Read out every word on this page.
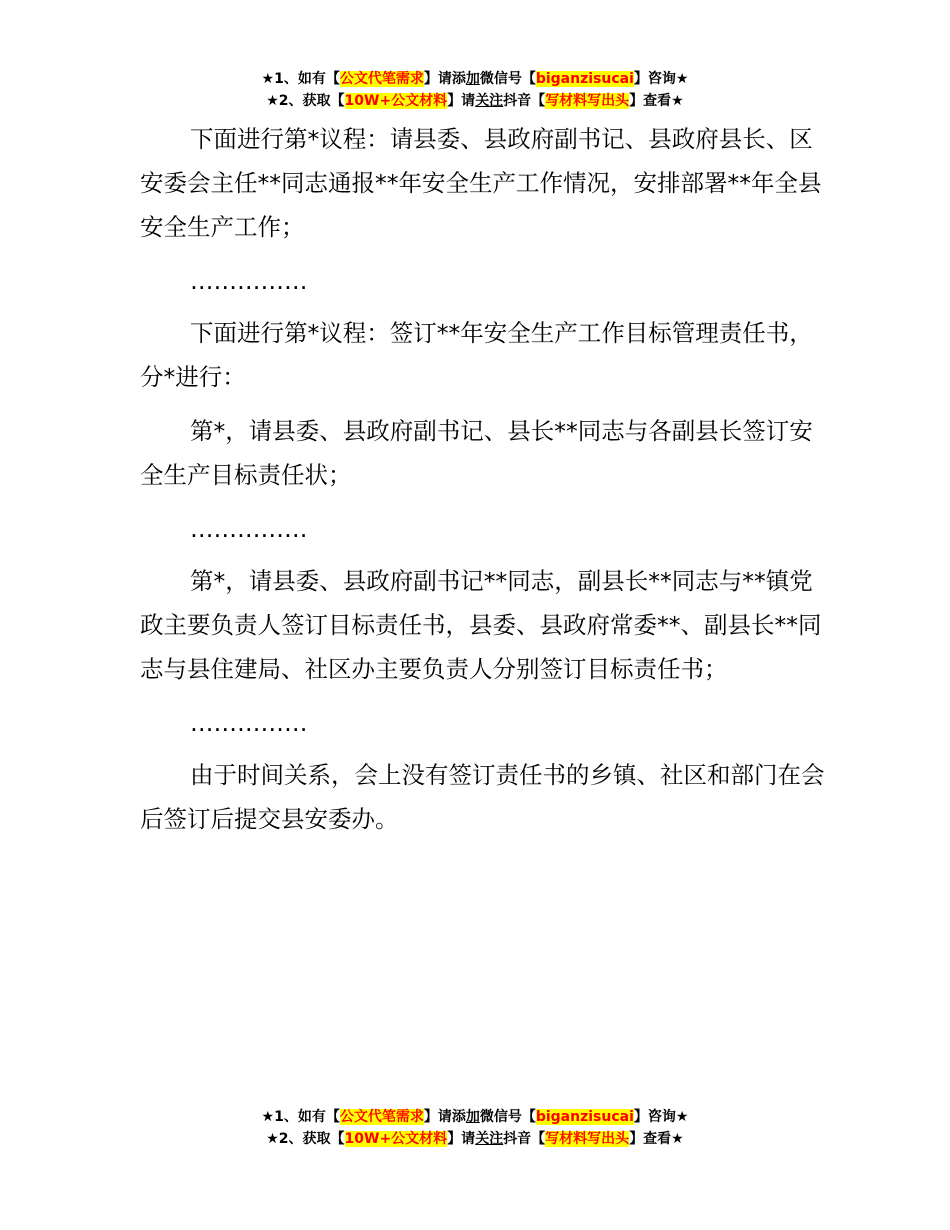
★1、如有【公文代笔需求】请添加微信号【biganzisucai】咨询★
★2、获取【10W+公文材料】请关注抖音【写材料写出头】查看★

下面进行第*议程：请县委、县政府副书记、县政府县长、区安委会主任**同志通报**年安全生产工作情况，安排部署**年全县安全生产工作；

……………

下面进行第*议程：签订**年安全生产工作目标管理责任书，分*进行：

第*，请县委、县政府副书记、县长**同志与各副县长签订安全生产目标责任状；

……………

第*，请县委、县政府副书记**同志，副县长**同志与**镇党政主要负责人签订目标责任书，县委、县政府常委**、副县长**同志与县住建局、社区办主要负责人分别签订目标责任书；

……………

由于时间关系，会上没有签订责任书的乡镇、社区和部门在会后签订后提交县安委办。

★1、如有【公文代笔需求】请添加微信号【biganzisucai】咨询★
★2、获取【10W+公文材料】请关注抖音【写材料写出头】查看★
